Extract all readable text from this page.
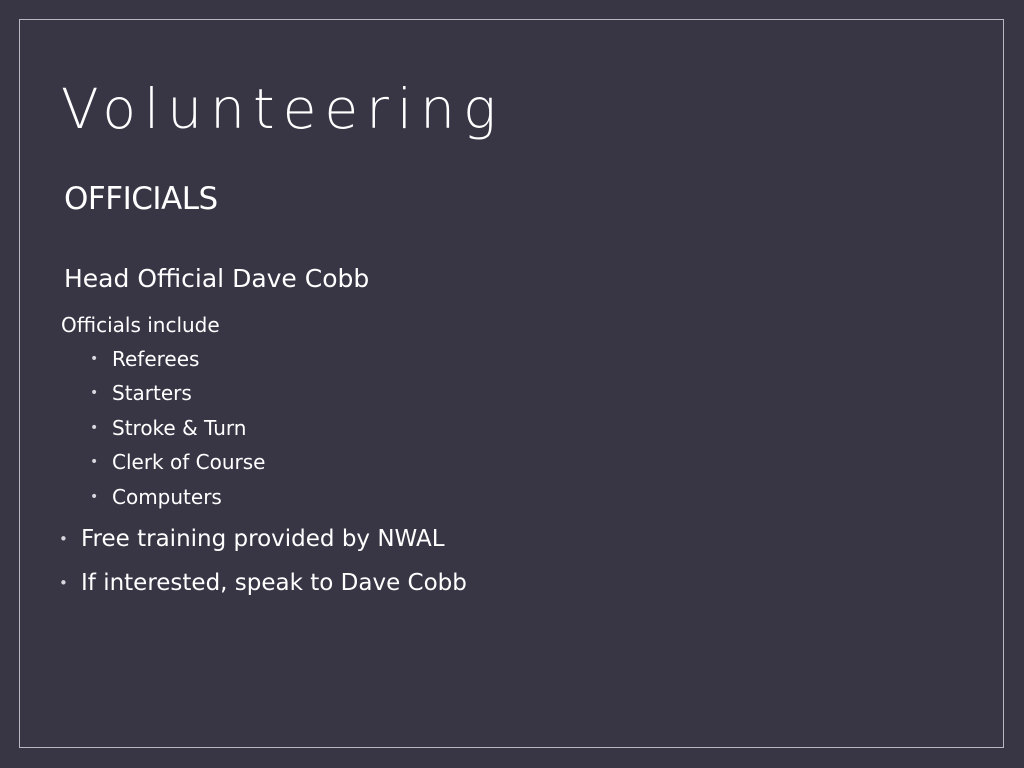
Volunteering
OFFICIALS
Head Official Dave Cobb
Officials include
• Referees
• Starters
• Stroke & Turn
• Clerk of Course
• Computers
• Free training provided by NWAL
• If interested, speak to Dave Cobb
